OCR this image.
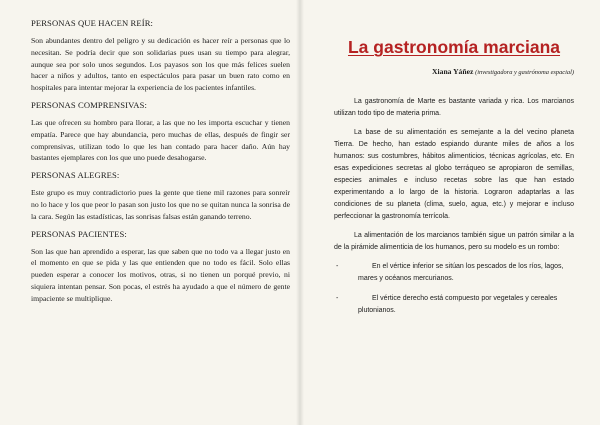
PERSONAS QUE HACEN REÍR:

Son abundantes dentro del peligro y su dedicación es hacer reír a personas que lo necesitan. Se podría decir que son solidarias pues usan su tiempo para alegrar, aunque sea por solo unos segundos. Los payasos son los que más felices suelen hacer a niños y adultos, tanto en espectáculos para pasar un buen rato como en hospitales para intentar mejorar la experiencia de los pacientes infantiles.

PERSONAS COMPRENSIVAS:

Las que ofrecen su hombro para llorar, a las que no les importa escuchar y tienen empatía. Parece que hay abundancia, pero muchas de ellas, después de fingir ser comprensivas, utilizan todo lo que les han contado para hacer daño. Aún hay bastantes ejemplares con los que uno puede desahogarse.

PERSONAS ALEGRES:

Este grupo es muy contradictorio pues la gente que tiene mil razones para sonreír no lo hace y los que peor lo pasan son justo los que no se quitan nunca la sonrisa de la cara. Según las estadísticas, las sonrisas falsas están ganando terreno.

PERSONAS PACIENTES:

Son las que han aprendido a esperar, las que saben que no todo va a llegar justo en el momento en que se pida y las que entienden que no todo es fácil. Solo ellas pueden esperar a conocer los motivos, otras, si no tienen un porqué previo, ni siquiera intentan pensar. Son pocas, el estrés ha ayudado a que el número de gente impaciente se multiplique.

La gastronomía marciana
Xiana Yáñez (investigadora y gastrónoma espacial)

La gastronomía de Marte es bastante variada y rica. Los marcianos utilizan todo tipo de materia prima.

La base de su alimentación es semejante a la del vecino planeta Tierra. De hecho, han estado espiando durante miles de años a los humanos: sus costumbres, hábitos alimenticios, técnicas agrícolas, etc. En esas expediciones secretas al globo terráqueo se apropiaron de semillas, especies animales e incluso recetas sobre las que han estado experimentando a lo largo de la historia. Lograron adaptarlas a las condiciones de su planeta (clima, suelo, agua, etc.) y mejorar e incluso perfeccionar la gastronomía terrícola.

La alimentación de los marcianos también sigue un patrón similar a la de la pirámide alimenticia de los humanos, pero su modelo es un rombo:

-	En el vértice inferior se sitúan los pescados de los ríos, lagos, mares y océanos mercurianos.
-	El vértice derecho está compuesto por vegetales y cereales plutonianos.
